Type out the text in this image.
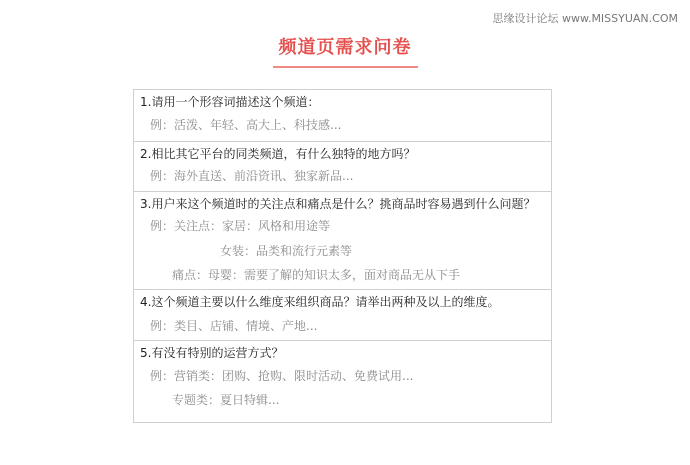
思缘设计论坛 www.MISSYUAN.COM
频道页需求问卷
1.请用一个形容词描述这个频道：
例：活泼、年轻、高大上、科技感...
2.相比其它平台的同类频道，有什么独特的地方吗？
例：海外直送、前沿资讯、独家新品...
3.用户来这个频道时的关注点和痛点是什么？挑商品时容易遇到什么问题？
例：关注点：家居：风格和用途等
女装：品类和流行元素等
痛点：母婴：需要了解的知识太多，面对商品无从下手
4.这个频道主要以什么维度来组织商品？请举出两种及以上的维度。
例：类目、店铺、情境、产地...
5.有没有特别的运营方式？
例：营销类：团购、抢购、限时活动、免费试用...
专题类：夏日特辑...
